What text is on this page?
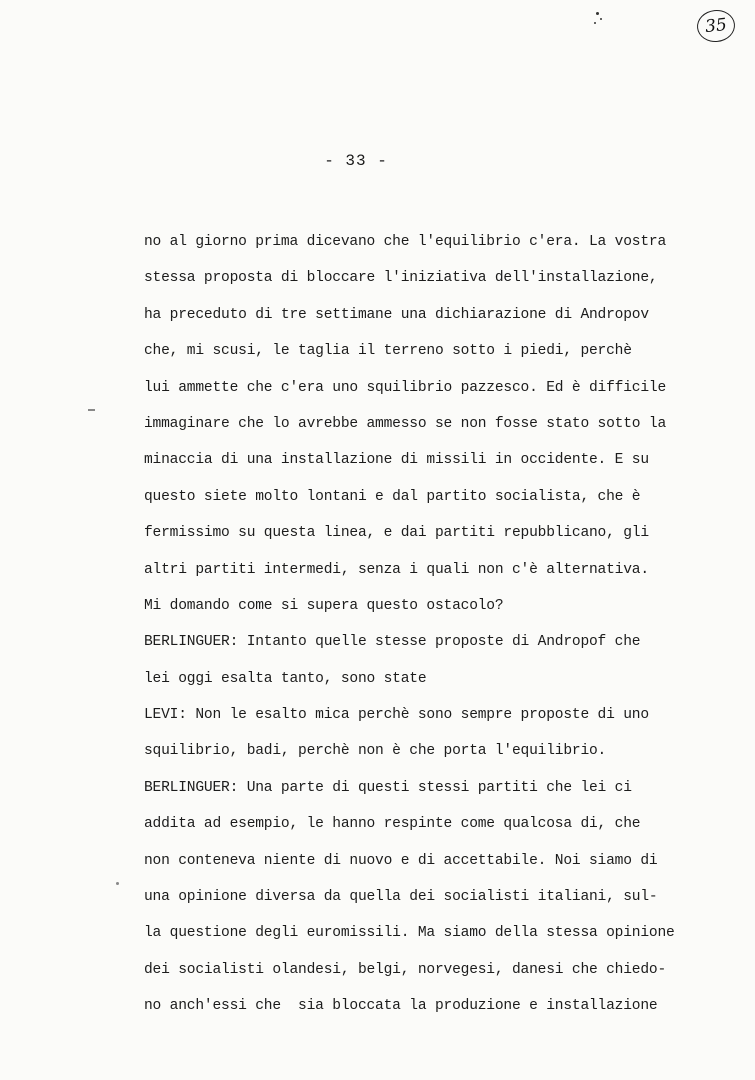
35
- 33 -
no al giorno prima dicevano che l'equilibrio c'era. La vostra
stessa proposta di bloccare l'iniziativa dell'installazione,
ha preceduto di tre settimane una dichiarazione di Andropov
che, mi scusi, le taglia il terreno sotto i piedi, perchè
lui ammette che c'era uno squilibrio pazzesco. Ed è difficile
immaginare che lo avrebbe ammesso se non fosse stato sotto la
minaccia di una installazione di missili in occidente. E su
questo siete molto lontani e dal partito socialista, che è
fermissimo su questa linea, e dai partiti repubblicano, gli
altri partiti intermedi, senza i quali non c'è alternativa.
Mi domando come si supera questo ostacolo?
BERLINGUER: Intanto quelle stesse proposte di Andropof che
lei oggi esalta tanto, sono state
LEVI: Non le esalto mica perchè sono sempre proposte di uno
squilibrio, badi, perchè non è che porta l'equilibrio.
BERLINGUER: Una parte di questi stessi partiti che lei ci
addita ad esempio, le hanno respinte come qualcosa di, che
non conteneva niente di nuovo e di accettabile. Noi siamo di
una opinione diversa da quella dei socialisti italiani, sul-
la questione degli euromissili. Ma siamo della stessa opinione
dei socialisti olandesi, belgi, norvegesi, danesi che chiedo-
no anch'essi che  sia bloccata la produzione e installazione
